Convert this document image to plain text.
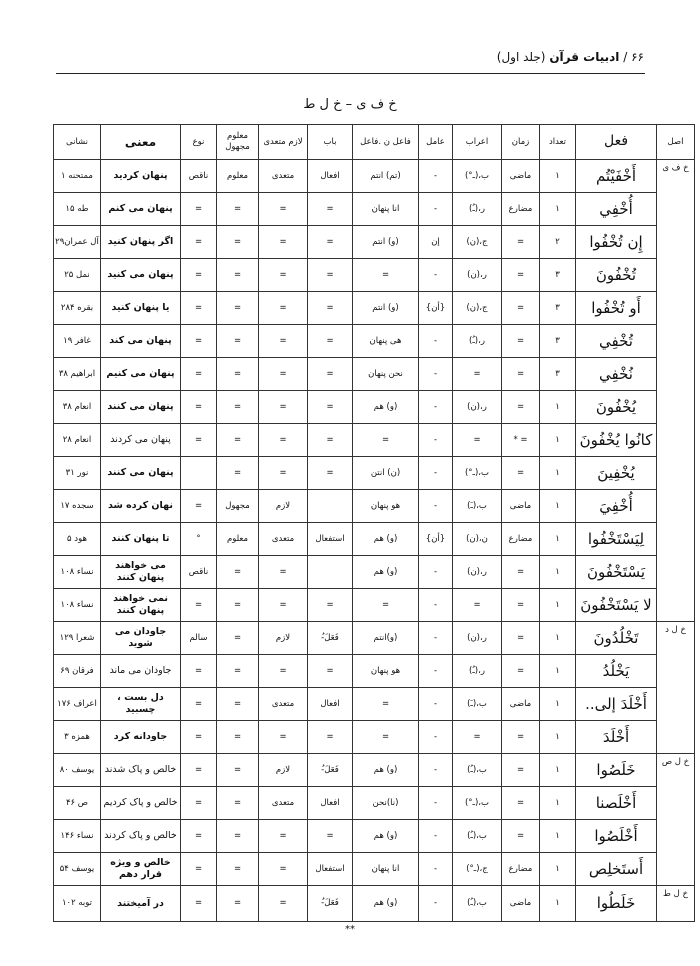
۶۶ / ادبیات قرآن (جلد اول)
خ ف ی – خ ل ط
اصل	فعل	تعداد	زمان	اعراب	عامل	فاعل ن .فاعل	باب	لازم متعدی	معلوم مجهول	نوع	معنی	نشانی
خ ف ی	أَخْفَيْتُم	۱	ماضی	ب،(ـ°)	-	(تم) انتم	افعال	متعدی	معلوم	ناقص	پنهان کردید	ممتحنه ۱
	أُخْفِي	۱	مضارع	ر،(ـُ)	-	انا پنهان	=	=	=	=	پنهان می کنم	طه ۱۵
	إِن تُخْفُوا	۲	=	ج،(ن)	إن	(و) انتم	=	=	=	=	اگر پنهان کنید	آل عمران۲۹
	تُخْفُونَ	۳	=	ر،(ن)	-	=	=	=	=	=	پنهان می کنید	نمل ۲۵
	أَو تُخْفُوا	۳	=	ج،(ن)	{أن}	(و) انتم	=	=	=	=	یا پنهان کنید	بقره ۲۸۴
	تُخْفِي	۳	=	ر،(ـُ)	-	هی پنهان	=	=	=	=	پنهان می کند	غافر ۱۹
	نُخْفِي	۳	=	=	-	نحن پنهان	=	=	=	=	پنهان می کنیم	ابراهیم ۳۸
	يُخْفُونَ	۱	=	ر،(ن)	-	(و) هم	=	=	=	=	پنهان می کنند	انعام ۳۸
	كانُوا يُخْفُونَ	۱	= *	=	-	=	=	=	=	=	پنهان می کردند	انعام ۲۸
	يُخْفِينَ	۱	=	ب،(ـ°)	-	(ن) انتن	=	=	=		پنهان می کنند	نور ۳۱
	أُخْفِيَ	۱	ماضی	ب،(ـَ)	-	هو پنهان		لازم	مجهول	=	نهان کرده شد	سجده ۱۷
	لِيَسْتَخْفُوا	۱	مضارع	ن،(ن)	{أن}	(و) هم	استفعال	متعدی	معلوم	°	تا پنهان کنند	هود ۵
	يَسْتَخْفُونَ	۱	=	ر،(ن)	-	(و) هم		=	=	ناقص	می خواهند پنهان کنند	نساء ۱۰۸
	لا يَسْتَخْفُونَ	۱	=	=	-	=	=	=	=	=	نمی خواهند پنهان کنند	نساء ۱۰۸
خ ل د	تَخْلُدُونَ	۱	=	ر،(ن)	-	(و)انتم	فَعَلَ-ُ	لازم	=	سالم	جاودان می شوید	شعرا ۱۲۹
	يَخْلُدُ	۱	=	ر،(ـُ)	-	هو پنهان	=	=	=	=	جاودان می ماند	فرقان ۶۹
	أَخْلَدَ إلى..	۱	ماضی	ب،(ـَ)	-	=	افعال	متعدی	=	=	دل بست ، چسبید	اعراف ۱۷۶
	أَخْلَدَ	۱	=	=	-	=	=	=	=	=	جاودانه کرد	همزه ۳
خ ل ص	خَلَصُوا	۱	=	ب،(ـُ)	-	(و) هم	فَعَلَ-ُ	لازم	=	=	خالص و پاک شدند	یوسف ۸۰
	أَخْلَصنا	۱	=	ب،(ـ°)	-	(نا)نحن	افعال	متعدی	=	=	خالص و پاک کردیم	ص ۴۶
	أَخْلَصُوا	۱	=	ب،(ـُ)	-	(و) هم	=	=	=	=	خالص و پاک کردند	نساء ۱۴۶
	أَستَخلِص	۱	مضارع	ج،(ـ°)	-	انا پنهان	استفعال	=	=	=	خالص و ویژه قرار دهم	یوسف ۵۴
خ ل ط	خَلَطُوا	۱	ماضی	ب،(ـُ)	-	(و) هم	فَعَلَ-ُ	=	=	=	در آمیختند	توبه ۱۰۲
**
